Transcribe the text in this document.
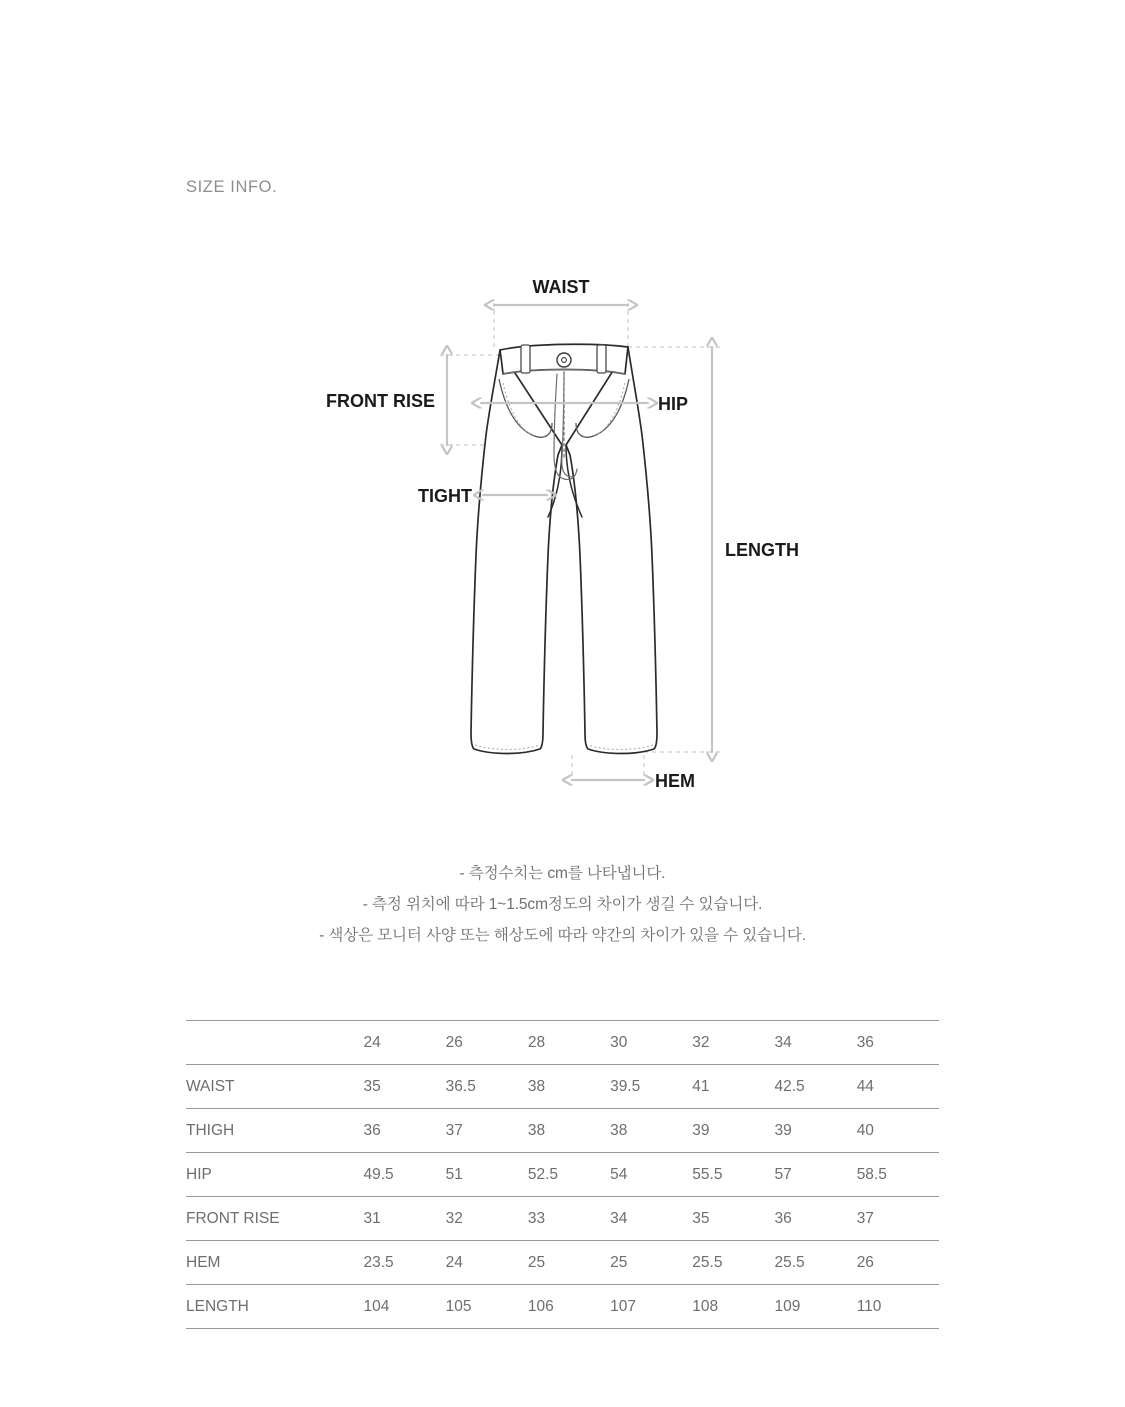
SIZE INFO.
WAIST
HIP
FRONT RISE
TIGHT
LENGTH
HEM
- 측정수치는 cm를 나타냅니다.
- 측정 위치에 따라 1~1.5cm정도의 차이가 생길 수 있습니다.
- 색상은 모니터 사양 또는 해상도에 따라 약간의 차이가 있을 수 있습니다.
	24	26	28	30	32	34	36
WAIST	35	36.5	38	39.5	41	42.5	44
THIGH	36	37	38	38	39	39	40
HIP	49.5	51	52.5	54	55.5	57	58.5
FRONT RISE	31	32	33	34	35	36	37
HEM	23.5	24	25	25	25.5	25.5	26
LENGTH	104	105	106	107	108	109	110
